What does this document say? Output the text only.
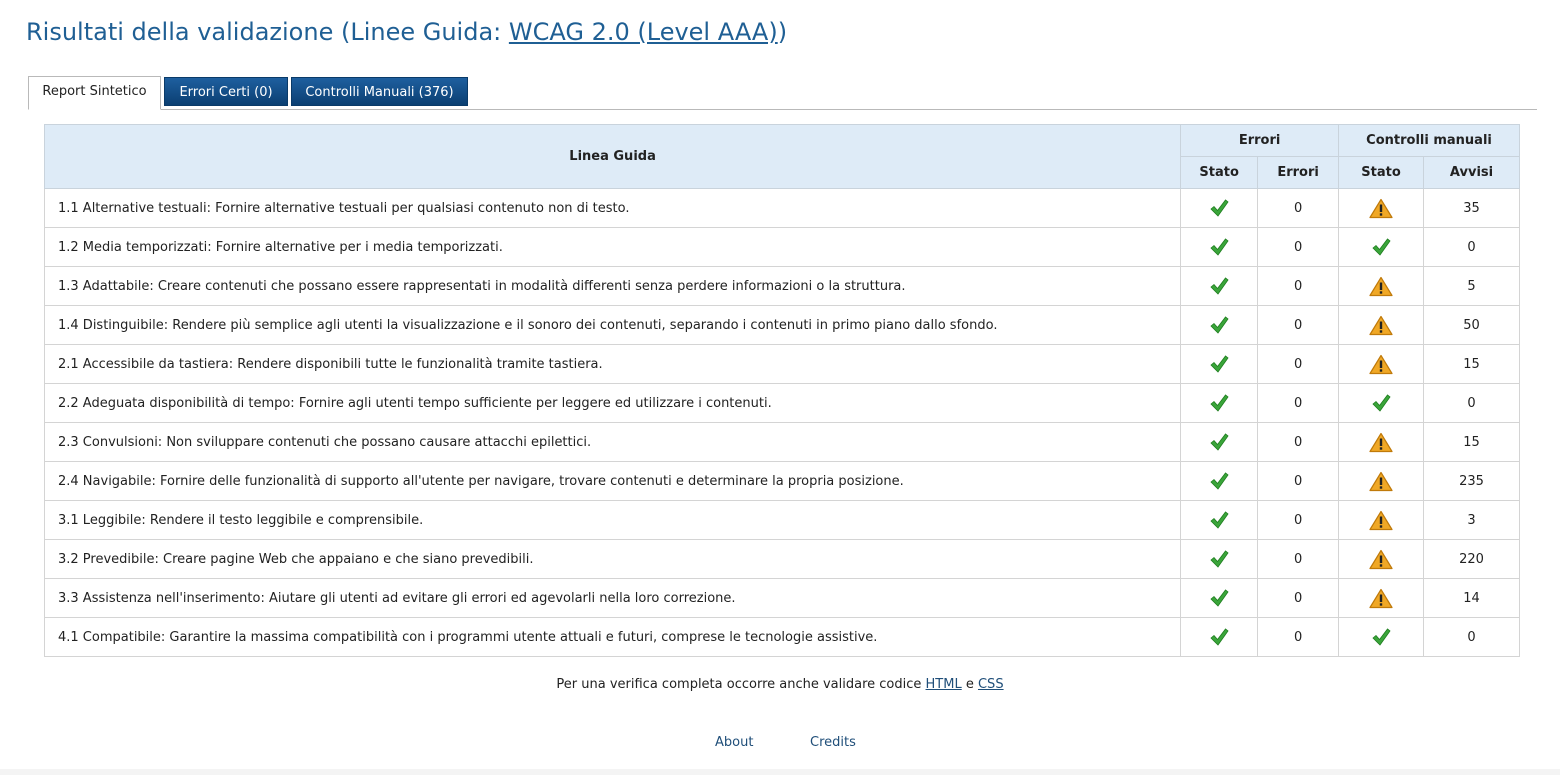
Risultati della validazione (Linee Guida: WCAG 2.0 (Level AAA))
Report Sintetico	Errori Certi (0)	Controlli Manuali (376)
Linea Guida	Errori		Controlli manuali	
	Stato	Errori	Stato	Avvisi
1.1 Alternative testuali: Fornire alternative testuali per qualsiasi contenuto non di testo.		0		35
1.2 Media temporizzati: Fornire alternative per i media temporizzati.		0		0
1.3 Adattabile: Creare contenuti che possano essere rappresentati in modalità differenti senza perdere informazioni o la struttura.		0		5
1.4 Distinguibile: Rendere più semplice agli utenti la visualizzazione e il sonoro dei contenuti, separando i contenuti in primo piano dallo sfondo.		0		50
2.1 Accessibile da tastiera: Rendere disponibili tutte le funzionalità tramite tastiera.		0		15
2.2 Adeguata disponibilità di tempo: Fornire agli utenti tempo sufficiente per leggere ed utilizzare i contenuti.		0		0
2.3 Convulsioni: Non sviluppare contenuti che possano causare attacchi epilettici.		0		15
2.4 Navigabile: Fornire delle funzionalità di supporto all'utente per navigare, trovare contenuti e determinare la propria posizione.		0		235
3.1 Leggibile: Rendere il testo leggibile e comprensibile.		0		3
3.2 Prevedibile: Creare pagine Web che appaiano e che siano prevedibili.		0		220
3.3 Assistenza nell'inserimento: Aiutare gli utenti ad evitare gli errori ed agevolarli nella loro correzione.		0		14
4.1 Compatibile: Garantire la massima compatibilità con i programmi utente attuali e futuri, comprese le tecnologie assistive.		0		0
Per una verifica completa occorre anche validare codice HTML e CSS
About	Credits
